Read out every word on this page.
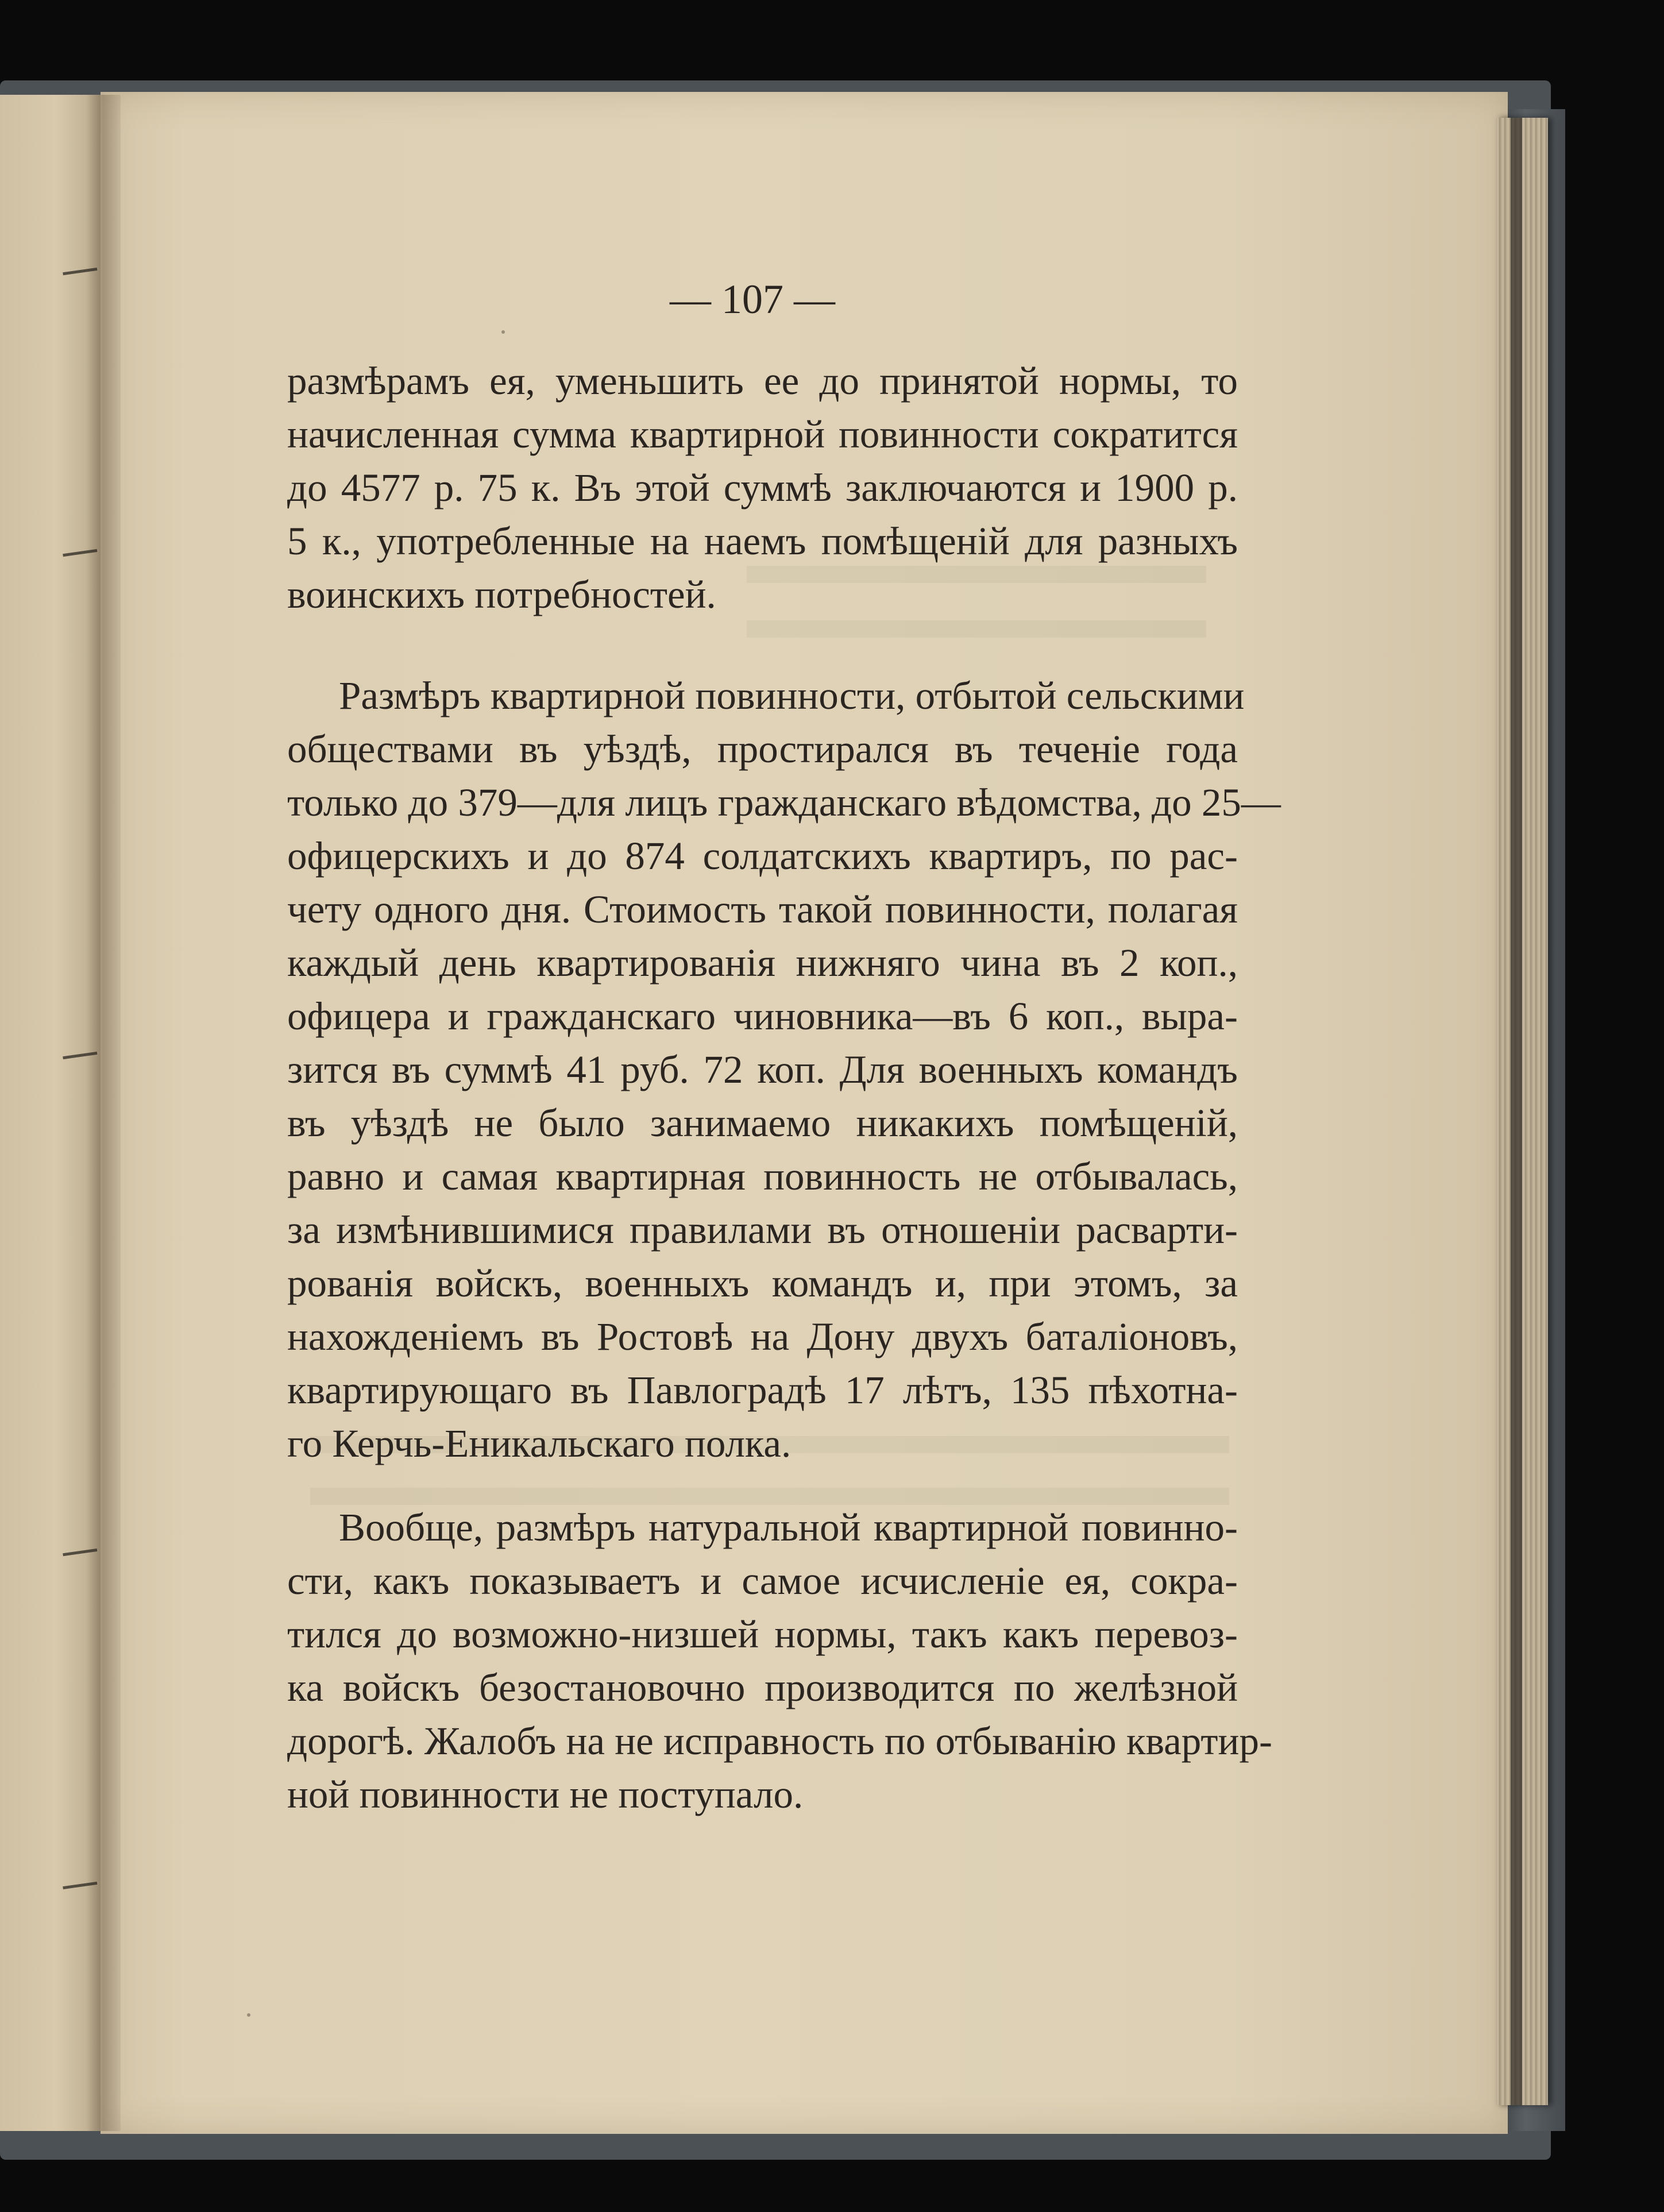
— 107 —
размѣрамъ ея, уменьшить ее до принятой нормы, то
начисленная сумма квартирной повинности сократится
до 4577 р. 75 к. Въ этой суммѣ заключаются и 1900 р.
5 к., употребленные на наемъ помѣщенiй для разныхъ
воинскихъ потребностей.
Размѣръ квартирной повинности, отбытой сельскими
обществами въ уѣздѣ, простирался въ теченiе года
только до 379—для лицъ гражданскаго вѣдомства, до 25—
офицерскихъ и до 874 солдатскихъ квартиръ, по рас-
чету одного дня. Стоимость такой повинности, полагая
каждый день квартированiя нижняго чина въ 2 коп.,
офицера и гражданскаго чиновника—въ 6 коп., выра-
зится въ суммѣ 41 руб. 72 коп. Для военныхъ командъ
въ уѣздѣ не было занимаемо никакихъ помѣщенiй,
равно и самая квартирная повинность не отбывалась,
за измѣнившимися правилами въ отношенiи расварти-
рованiя войскъ, военныхъ командъ и, при этомъ, за
нахожденiемъ въ Ростовѣ на Дону двухъ баталiоновъ,
квартирующаго въ Павлоградѣ 17 лѣтъ, 135 пѣхотна-
го Керчь-Еникальскаго полка.
Вообще, размѣръ натуральной квартирной повинно-
сти, какъ показываетъ и самое исчисленiе ея, сокра-
тился до возможно-низшей нормы, такъ какъ перевоз-
ка войскъ безостановочно производится по желѣзной
дорогѣ. Жалобъ на не исправность по отбыванiю квартир-
ной повинности не поступало.
